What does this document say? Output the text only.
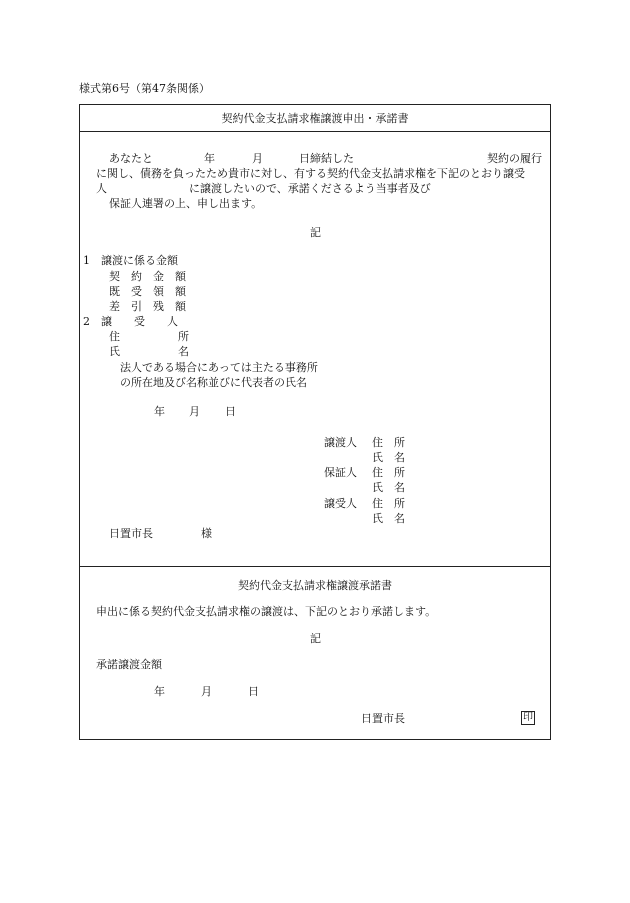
様式第6号（第47条関係）
契約代金支払請求権譲渡申出・承諾書
あなたと	年	月	日締結した	契約の履行
に関し、債務を負ったため貴市に対し、有する契約代金支払請求権を下記のとおり譲受
人	に譲渡したいので、承諾くださるよう当事者及び
保証人連署の上、申し出ます。
記
1　譲渡に係る金額
契　約　金　額
既　受　領　額
差　引　残　額
2 譲　　受　　人
住	所
氏	名
法人である場合にあっては主たる事務所
の所在地及び名称並びに代表者の氏名
年 月 日
譲渡人 住　所
氏　名
保証人 住　所
氏　名
譲受人 住　所
氏　名
日置市長	様
契約代金支払請求権譲渡承諾書
申出に係る契約代金支払請求権の譲渡は、下記のとおり承諾します。
記
承諾譲渡金額
年	月	日
日置市長	印
